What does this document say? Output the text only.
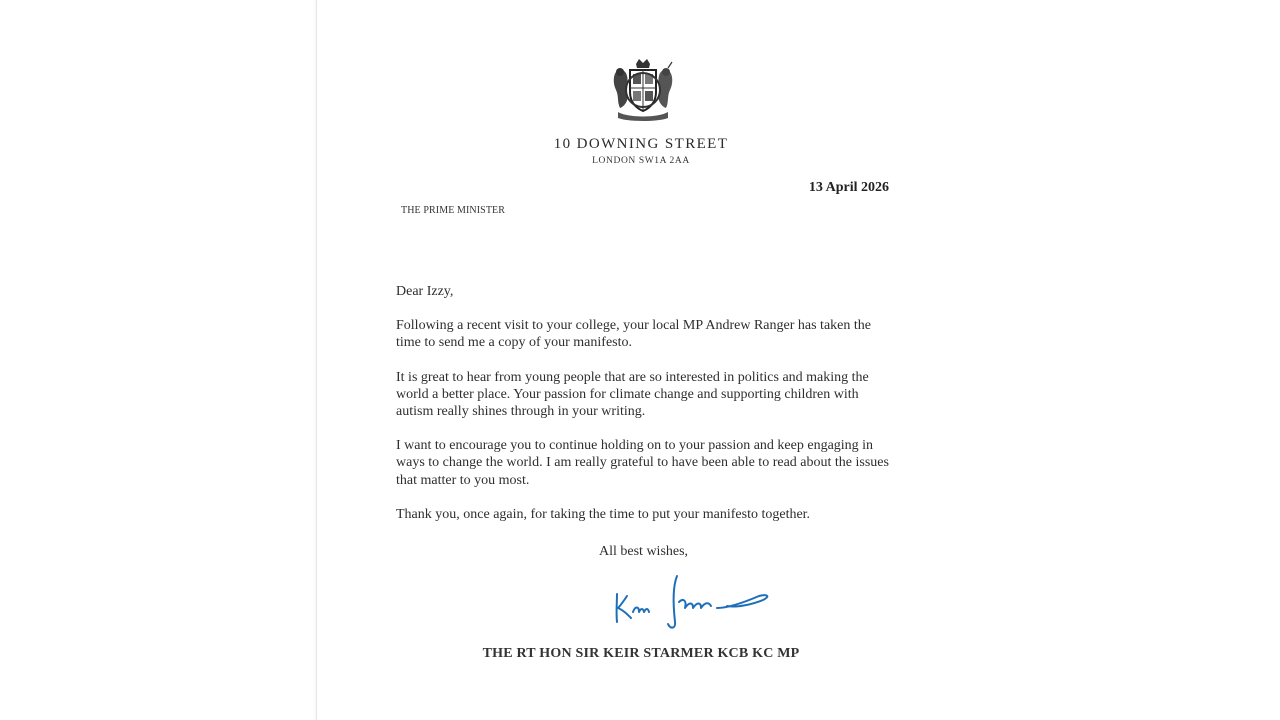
10 DOWNING STREET
LONDON SW1A 2AA
13 April 2026
THE PRIME MINISTER

Dear Izzy,

Following a recent visit to your college, your local MP Andrew Ranger has taken the time to send me a copy of your manifesto.

It is great to hear from young people that are so interested in politics and making the world a better place. Your passion for climate change and supporting children with autism really shines through in your writing.

I want to encourage you to continue holding on to your passion and keep engaging in ways to change the world. I am really grateful to have been able to read about the issues that matter to you most.

Thank you, once again, for taking the time to put your manifesto together.

All best wishes,
THE RT HON SIR KEIR STARMER KCB KC MP
